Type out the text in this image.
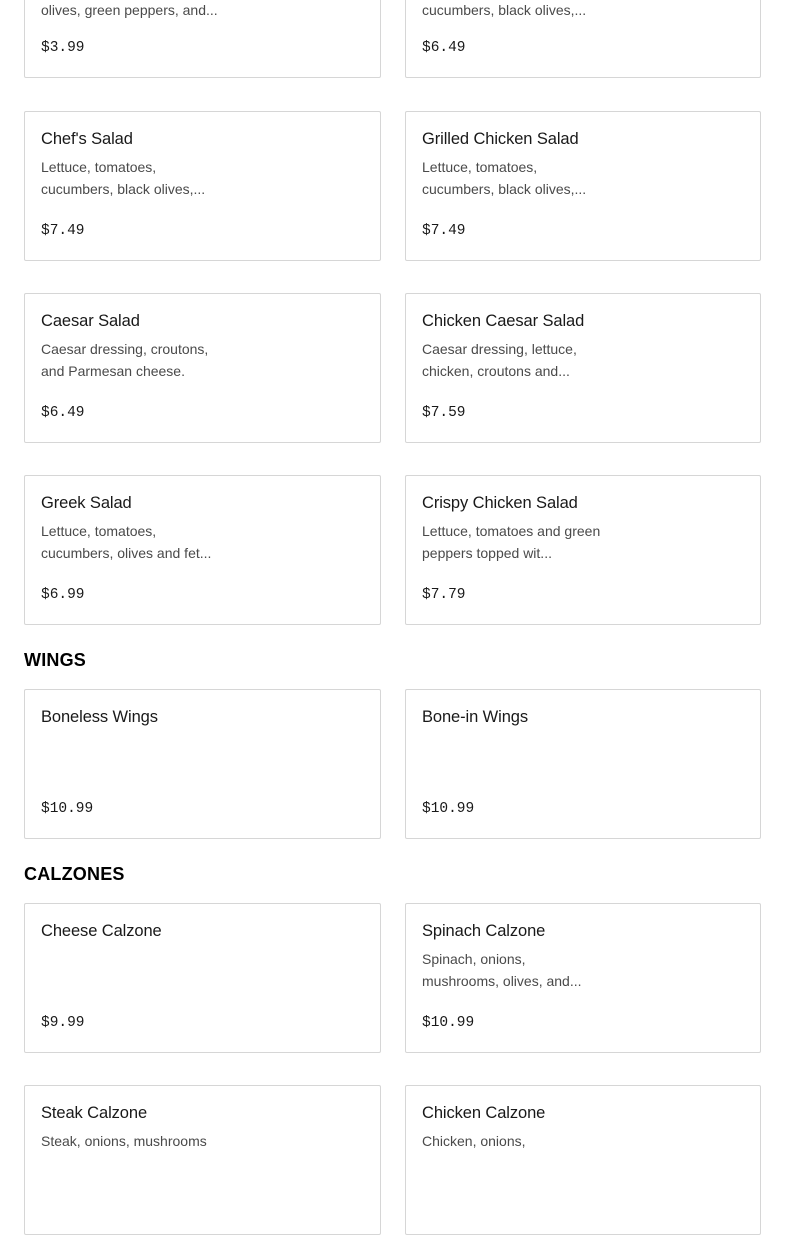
olives, green peppers, and...
$3.99
cucumbers, black olives,...
$6.49
Chef's Salad
Lettuce, tomatoes, cucumbers, black olives,...
$7.49
Grilled Chicken Salad
Lettuce, tomatoes, cucumbers, black olives,...
$7.49
Caesar Salad
Caesar dressing, croutons, and Parmesan cheese.
$6.49
Chicken Caesar Salad
Caesar dressing, lettuce, chicken, croutons and...
$7.59
Greek Salad
Lettuce, tomatoes, cucumbers, olives and fet...
$6.99
Crispy Chicken Salad
Lettuce, tomatoes and green peppers topped wit...
$7.79
WINGS
Boneless Wings
$10.99
Bone-in Wings
$10.99
CALZONES
Cheese Calzone
$9.99
Spinach Calzone
Spinach, onions, mushrooms, olives, and...
$10.99
Steak Calzone
Steak, onions, mushrooms
Chicken Calzone
Chicken, onions,
